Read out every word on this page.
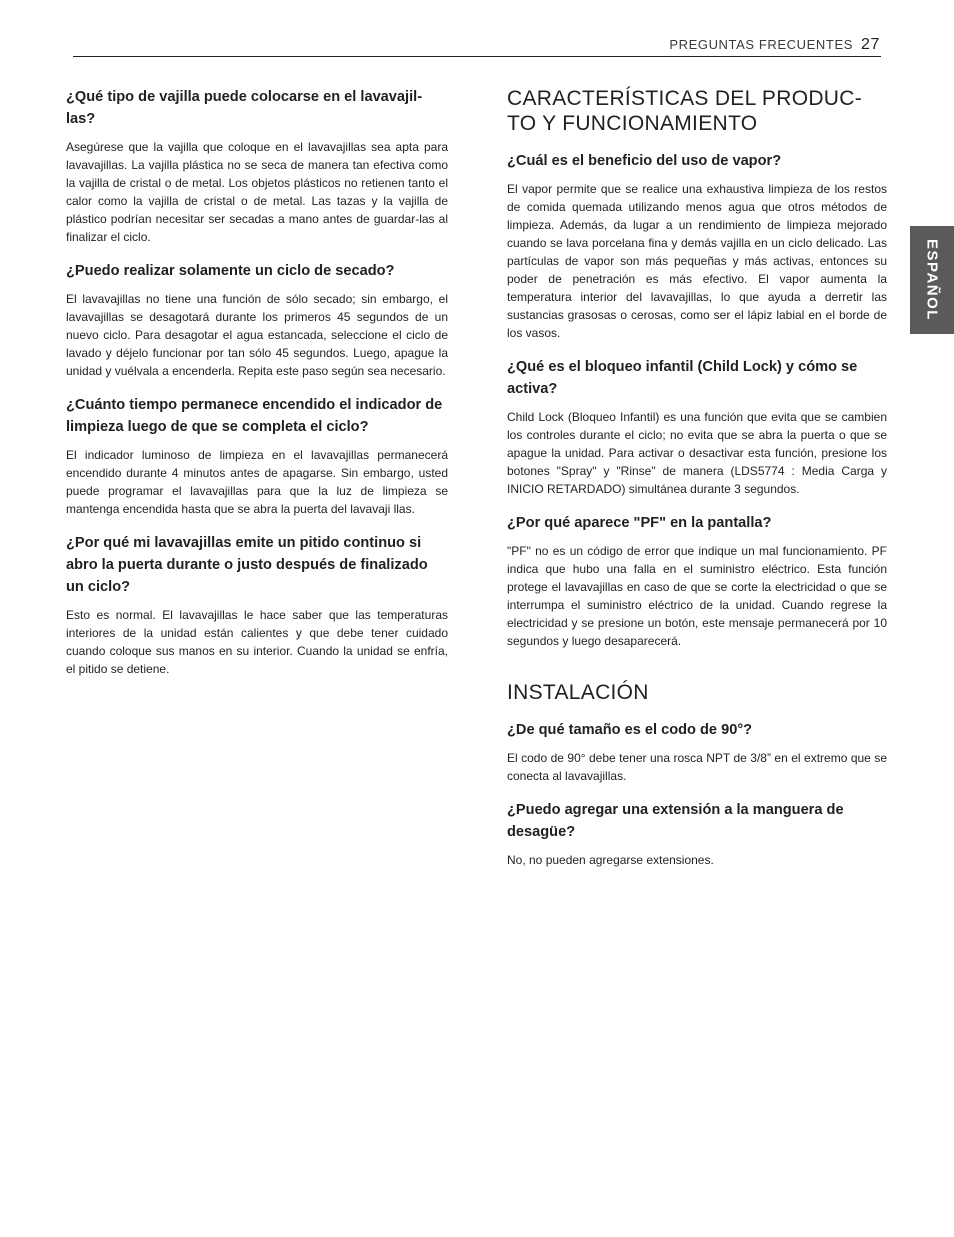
PREGUNTAS FRECUENTES 27
ESPAÑOL

¿Qué tipo de vajilla puede colocarse en el lavavajil-las?

Asegúrese que la vajilla que coloque en el lavavajillas sea apta para lavavajillas. La vajilla plástica no se seca de manera tan efectiva como la vajilla de cristal o de metal. Los objetos plásticos no retienen tanto el calor como la vajilla de cristal o de metal. Las tazas y la vajilla de plástico podrían necesitar ser secadas a mano antes de guardar-las al finalizar el ciclo.

¿Puedo realizar solamente un ciclo de secado?

El lavavajillas no tiene una función de sólo secado; sin embargo, el lavavajillas se desagotará durante los primeros 45 segundos de un nuevo ciclo. Para desagotar el agua estancada, seleccione el ciclo de lavado y déjelo funcionar por tan sólo 45 segundos. Luego, apague la unidad y vuélvala a encenderla. Repita este paso según sea necesario.

¿Cuánto tiempo permanece encendido el indicador de limpieza luego de que se completa el ciclo?

El indicador luminoso de limpieza en el lavavajillas permanecerá encendido durante 4 minutos antes de apagarse. Sin embargo, usted puede programar el lavavajillas para que la luz de limpieza se mantenga encendida hasta que se abra la puerta del lavavaji llas.

¿Por qué mi lavavajillas emite un pitido continuo si abro la puerta durante o justo después de finalizado un ciclo?

Esto es normal. El lavavajillas le hace saber que las temperaturas interiores de la unidad están calientes y que debe tener cuidado cuando coloque sus manos en su interior. Cuando la unidad se enfría, el pitido se detiene.

CARACTERÍSTICAS DEL PRODUC-TO Y FUNCIONAMIENTO

¿Cuál es el beneficio del uso de vapor?

El vapor permite que se realice una exhaustiva limpieza de los restos de comida quemada utilizando menos agua que otros métodos de limpieza. Además, da lugar a un rendimiento de limpieza mejorado cuando se lava porcelana fina y demás vajilla en un ciclo delicado. Las partículas de vapor son más pequeñas y más activas, entonces su poder de penetración es más efectivo. El vapor aumenta la temperatura interior del lavavajillas, lo que ayuda a derretir las sustancias grasosas o cerosas, como ser el lápiz labial en el borde de los vasos.

¿Qué es el bloqueo infantil (Child Lock) y cómo se activa?

Child Lock (Bloqueo Infantil) es una función que evita que se cambien los controles durante el ciclo; no evita que se abra la puerta o que se apague la unidad. Para activar o desactivar esta función, presione los botones "Spray" y "Rinse" de manera (LDS5774 : Media Carga y INICIO RETARDADO) simultánea durante 3 segundos.

¿Por qué aparece "PF" en la pantalla?

"PF" no es un código de error que indique un mal funcionamiento. PF indica que hubo una falla en el suministro eléctrico. Esta función protege el lavavajillas en caso de que se corte la electricidad o que se interrumpa el suministro eléctrico de la unidad. Cuando regrese la electricidad y se presione un botón, este mensaje permanecerá por 10 segundos y luego desaparecerá.

INSTALACIÓN

¿De qué tamaño es el codo de 90°?

El codo de 90° debe tener una rosca NPT de 3/8” en el extremo que se conecta al lavavajillas.

¿Puedo agregar una extensión a la manguera de desagüe?

No, no pueden agregarse extensiones.
